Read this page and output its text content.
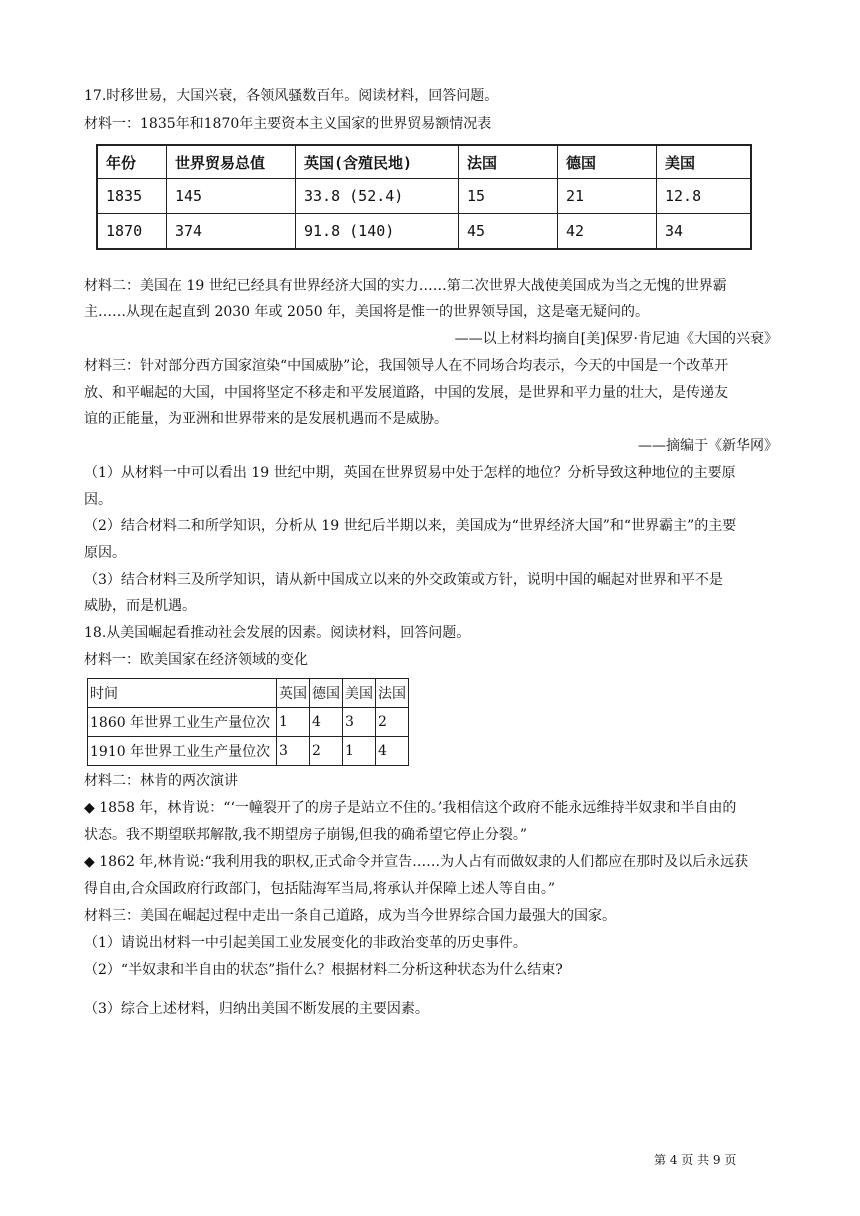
17.时移世易，大国兴衰，各领风骚数百年。阅读材料，回答问题。
材料一：1835年和1870年主要资本主义国家的世界贸易额情况表
年份	世界贸易总值	英国(含殖民地)	法国	德国	美国
1835	145	33.8 (52.4)	15	21	12.8
1870	374	91.8 (140)	45	42	34
材料二：美国在 19 世纪已经具有世界经济大国的实力……第二次世界大战使美国成为当之无愧的世界霸
主……从现在起直到 2030 年或 2050 年，美国将是惟一的世界领导国，这是毫无疑问的。
——以上材料均摘自[美]保罗·肯尼迪《大国的兴衰》
材料三：针对部分西方国家渲染“中国威胁”论，我国领导人在不同场合均表示，今天的中国是一个改革开
放、和平崛起的大国，中国将坚定不移走和平发展道路，中国的发展，是世界和平力量的壮大，是传递友
谊的正能量，为亚洲和世界带来的是发展机遇而不是威胁。
——摘编于《新华网》
（1）从材料一中可以看出 19 世纪中期，英国在世界贸易中处于怎样的地位？分析导致这种地位的主要原
因。
（2）结合材料二和所学知识，分析从 19 世纪后半期以来，美国成为“世界经济大国”和“世界霸主”的主要
原因。
（3）结合材料三及所学知识，请从新中国成立以来的外交政策或方针，说明中国的崛起对世界和平不是
威胁，而是机遇。
18.从美国崛起看推动社会发展的因素。阅读材料，回答问题。
材料一：欧美国家在经济领域的变化
时间	英国	德国	美国	法国
1860 年世界工业生产量位次	1	4	3	2
1910 年世界工业生产量位次	3	2	1	4
材料二：林肯的两次演讲
◆ 1858 年，林肯说：“‘一幢裂开了的房子是站立不住的。’我相信这个政府不能永远维持半奴隶和半自由的
状态。我不期望联邦解散,我不期望房子崩锡,但我的确希望它停止分裂。”
◆ 1862 年,林肯说:“我利用我的职权,正式命令并宣告……为人占有而做奴隶的人们都应在那时及以后永远获
得自由,合众国政府行政部门，包括陆海军当局,将承认并保障上述人等自由。”
材料三：美国在崛起过程中走出一条自己道路，成为当今世界综合国力最强大的国家。
（1）请说出材料一中引起美国工业发展变化的非政治变革的历史事件。
（2）“半奴隶和半自由的状态”指什么？根据材料二分析这种状态为什么结束?
（3）综合上述材料，归纳出美国不断发展的主要因素。
第 4 页 共 9 页
